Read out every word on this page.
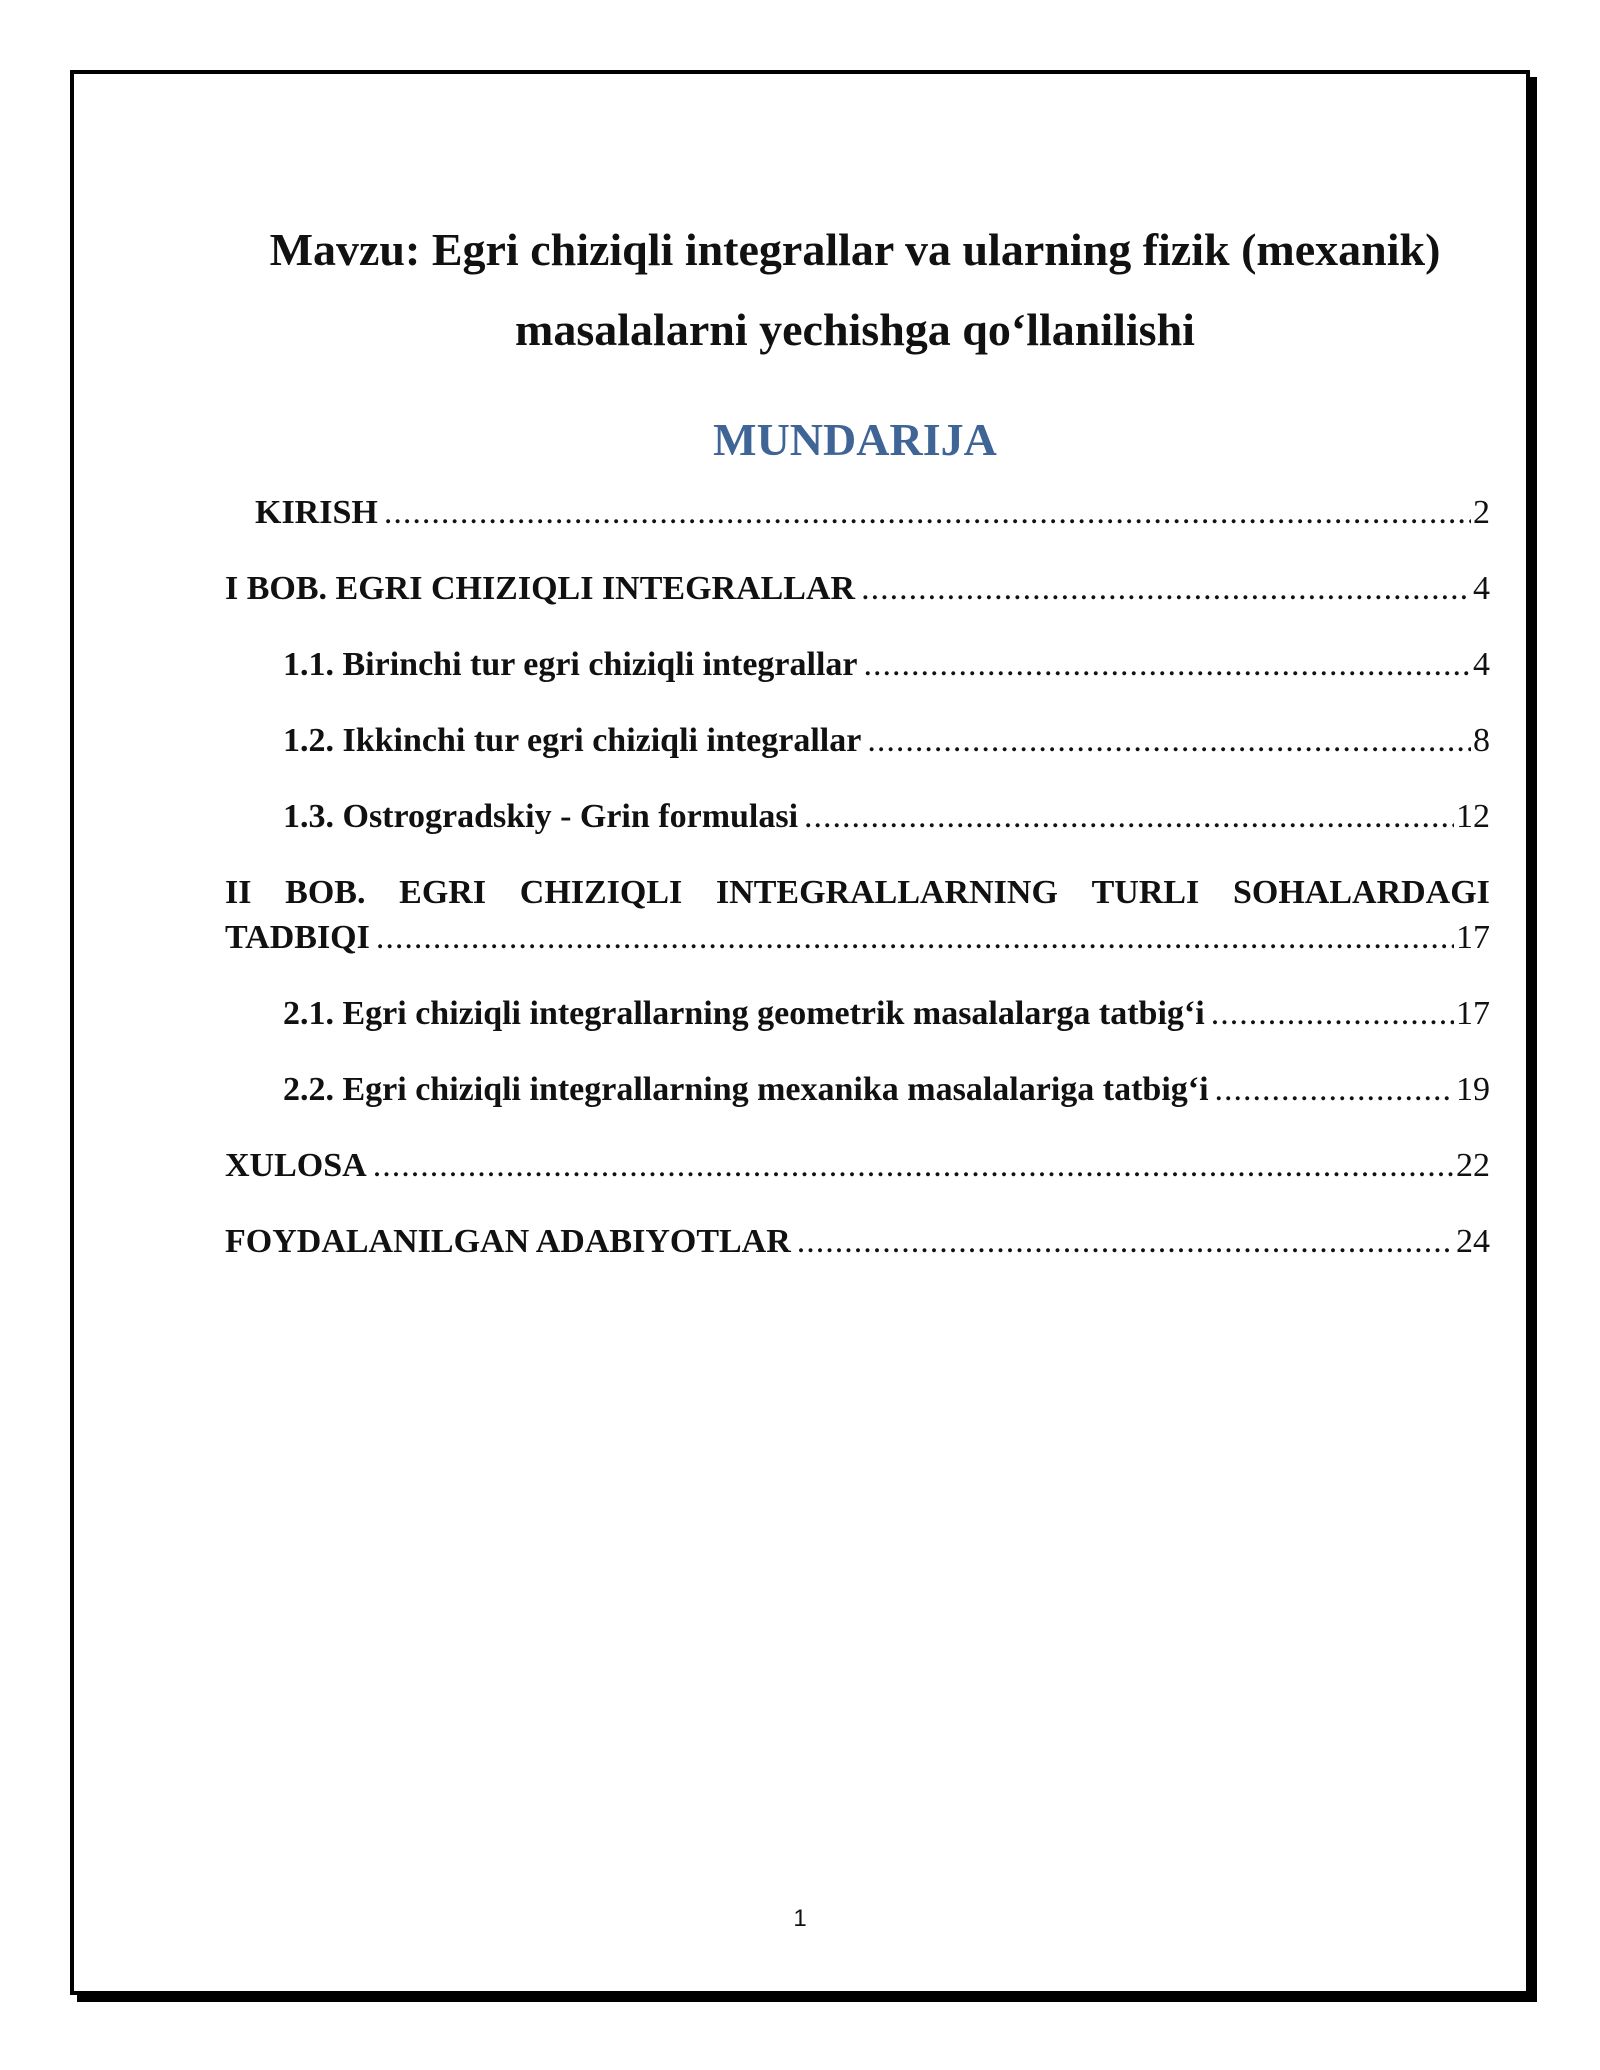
Mavzu: Egri chiziqli integrallar va ularning fizik (mexanik)
masalalarni yechishga qo‘llanilishi
MUNDARIJA
KIRISH .....	2
I BOB. EGRI CHIZIQLI INTEGRALLAR .....	4
1.1. Birinchi tur egri chiziqli integrallar .....	4
1.2. Ikkinchi tur egri chiziqli integrallar .....	8
1.3. Ostrogradskiy - Grin formulasi .....	12
II BOB. EGRI CHIZIQLI INTEGRALLARNING TURLI SOHALARDAGI
TADBIQI .....	17
2.1. Egri chiziqli integrallarning geometrik masalalarga tatbig‘i .....	17
2.2. Egri chiziqli integrallarning mexanika masalalariga tatbig‘i .....	19
XULOSA .....	22
FOYDALANILGAN ADABIYOTLAR .....	24
1
